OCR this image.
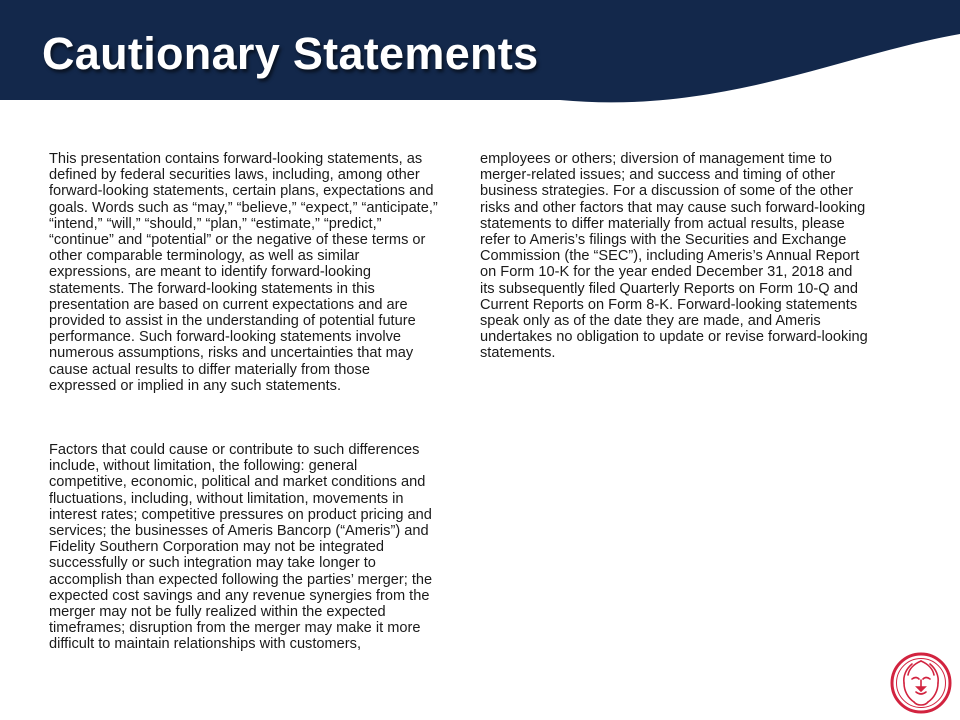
Cautionary Statements

This presentation contains forward-looking statements, as defined by federal securities laws, including, among other forward-looking statements, certain plans, expectations and goals. Words such as “may,” “believe,” “expect,” “anticipate,” “intend,” “will,” “should,” “plan,” “estimate,” “predict,” “continue” and “potential” or the negative of these terms or other comparable terminology, as well as similar expressions, are meant to identify forward-looking statements. The forward-looking statements in this presentation are based on current expectations and are provided to assist in the understanding of potential future performance. Such forward-looking statements involve numerous assumptions, risks and uncertainties that may cause actual results to differ materially from those expressed or implied in any such statements.

Factors that could cause or contribute to such differences include, without limitation, the following: general competitive, economic, political and market conditions and fluctuations, including, without limitation, movements in interest rates; competitive pressures on product pricing and services; the businesses of Ameris Bancorp (“Ameris”) and Fidelity Southern Corporation may not be integrated successfully or such integration may take longer to accomplish than expected following the parties’ merger; the expected cost savings and any revenue synergies from the merger may not be fully realized within the expected timeframes; disruption from the merger may make it more difficult to maintain relationships with customers,

employees or others; diversion of management time to merger-related issues; and success and timing of other business strategies. For a discussion of some of the other risks and other factors that may cause such forward-looking statements to differ materially from actual results, please refer to Ameris’s filings with the Securities and Exchange Commission (the “SEC”), including Ameris’s Annual Report on Form 10-K for the year ended December 31, 2018 and its subsequently filed Quarterly Reports on Form 10-Q and Current Reports on Form 8-K. Forward-looking statements speak only as of the date they are made, and Ameris undertakes no obligation to update or revise forward-looking statements.
